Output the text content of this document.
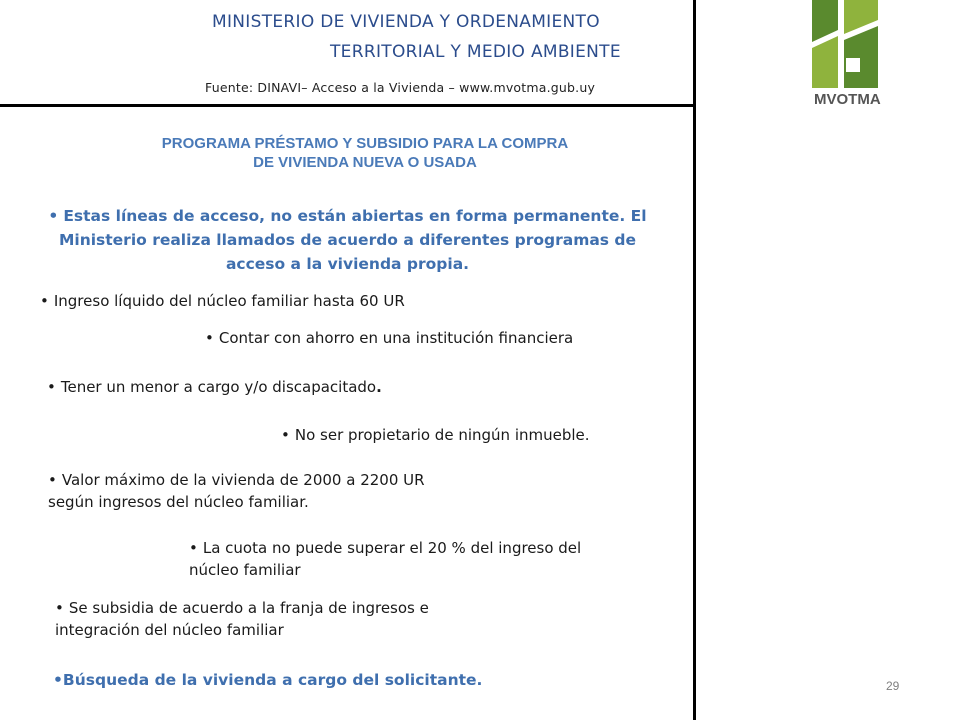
MINISTERIO DE VIVIENDA Y ORDENAMIENTO
TERRITORIAL Y MEDIO AMBIENTE
Fuente: DINAVI– Acceso a la Vivienda – www.mvotma.gub.uy
MVOTMA
PROGRAMA PRÉSTAMO Y SUBSIDIO PARA LA COMPRA
DE VIVIENDA NUEVA O USADA
• Estas líneas de acceso, no están abiertas en forma permanente. El
Ministerio realiza llamados de acuerdo a diferentes programas de
acceso a la vivienda propia.
• Ingreso líquido del núcleo familiar hasta 60 UR
• Contar con ahorro en una institución financiera
• Tener un menor a cargo y/o discapacitado.
• No ser propietario de ningún inmueble.
• Valor máximo de la vivienda de 2000 a 2200 UR
según ingresos del núcleo familiar.
• La cuota no puede superar el 20 % del ingreso del
núcleo familiar
• Se subsidia de acuerdo a la franja de ingresos e
integración del núcleo familiar
•Búsqueda de la vivienda a cargo del solicitante.	29
